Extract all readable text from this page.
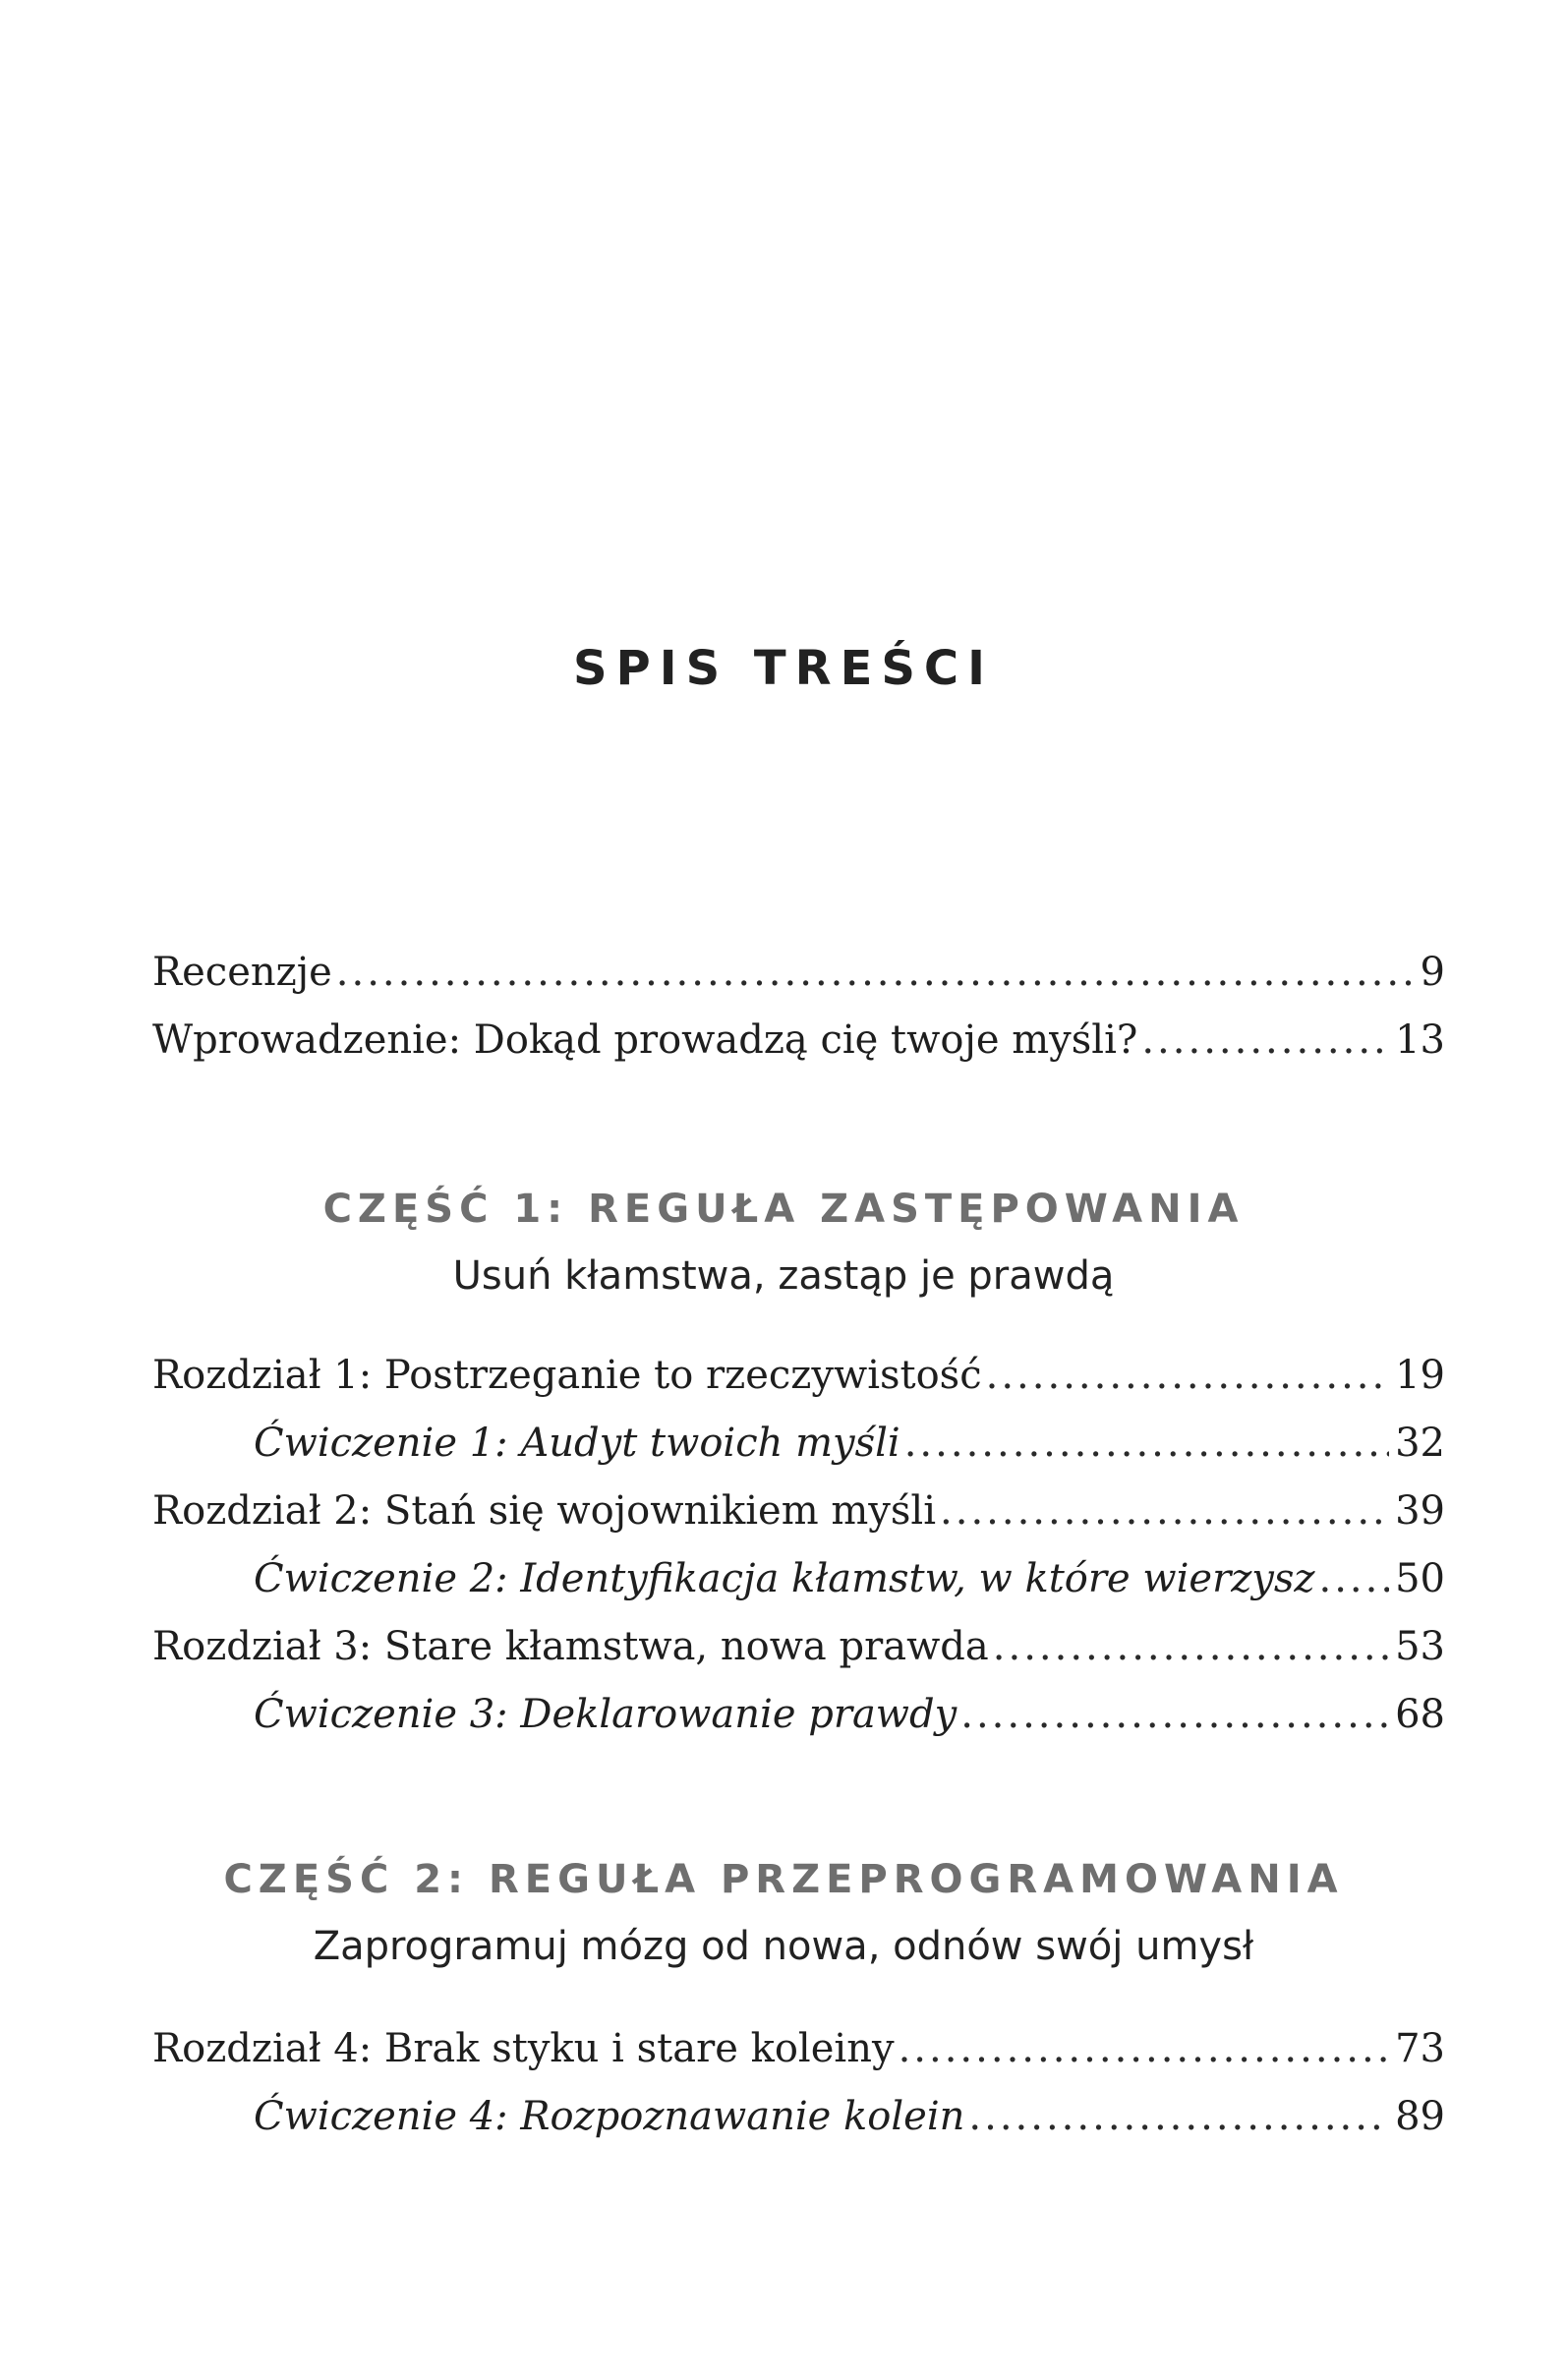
SPIS TREŚCI
Recenzje .....	9
Wprowadzenie: Dokąd prowadzą cię twoje myśli? .....	13
CZĘŚĆ 1: REGUŁA ZASTĘPOWANIA
Usuń kłamstwa, zastąp je prawdą
Rozdział 1: Postrzeganie to rzeczywistość .....	19
Ćwiczenie 1: Audyt twoich myśli .....	32
Rozdział 2: Stań się wojownikiem myśli .....	39
Ćwiczenie 2: Identyfikacja kłamstw, w które wierzysz ..... 50
Rozdział 3: Stare kłamstwa, nowa prawda .....	53
Ćwiczenie 3: Deklarowanie prawdy .....	68
CZĘŚĆ 2: REGUŁA PRZEPROGRAMOWANIA
Zaprogramuj mózg od nowa, odnów swój umysł
Rozdział 4: Brak styku i stare koleiny .....	73
Ćwiczenie 4: Rozpoznawanie kolein .....	89
